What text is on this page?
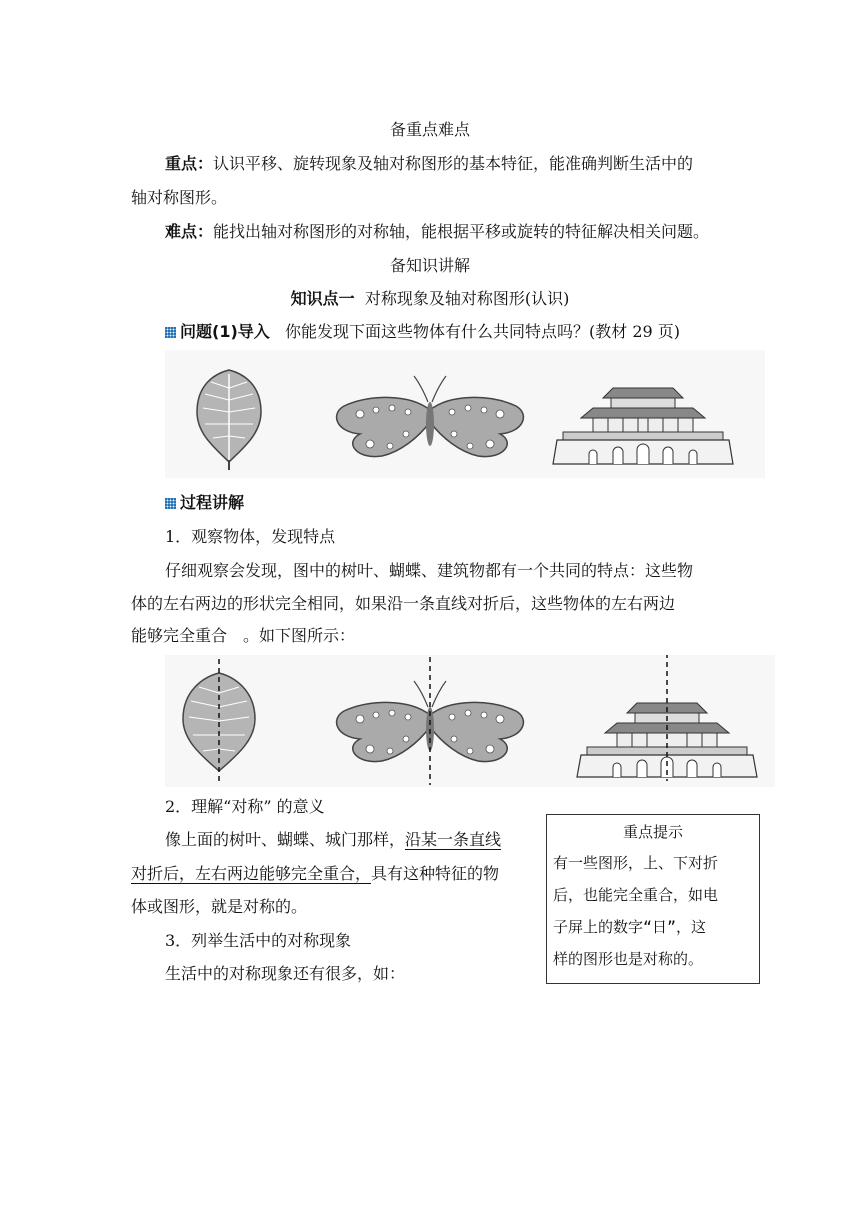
备重点难点
重点：认识平移、旋转现象及轴对称图形的基本特征，能准确判断生活中的
轴对称图形。
难点：能找出轴对称图形的对称轴，能根据平移或旋转的特征解决相关问题。
备知识讲解
知识点一 对称现象及轴对称图形(认识)
问题(1)导入 你能发现下面这些物体有什么共同特点吗？(教材 29 页)
过程讲解
1．观察物体，发现特点
仔细观察会发现，图中的树叶、蝴蝶、建筑物都有一个共同的特点：这些物
体的左右两边的形状完全相同，如果沿一条直线对折后，这些物体的左右两边
能够完全重合　。如下图所示：
2．理解“对称” 的意义
像上面的树叶、蝴蝶、城门那样，沿某一条直线
对折后，左右两边能够完全重合，具有这种特征的物
体或图形，就是对称的。
3．列举生活中的对称现象
生活中的对称现象还有很多，如：
重点提示
有一些图形，上、下对折
后，也能完全重合，如电
子屏上的数字“日”，这
样的图形也是对称的。
